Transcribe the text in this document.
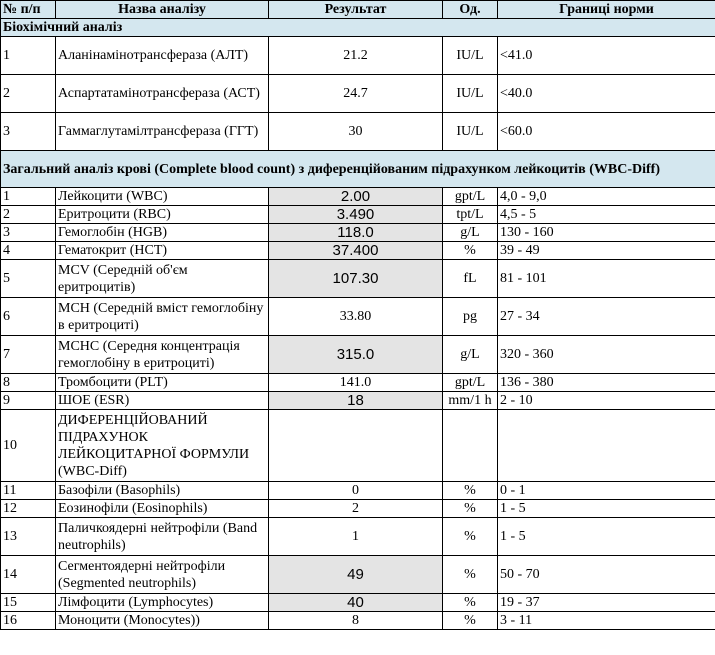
№ п/п	Назва аналізу	Результат	Од.	Границі норми
Біохімічний аналіз				
1	Аланінамінотрансфераза (АЛТ)	21.2	IU/L	<41.0
2	Аспартатамінотрансфераза (АСТ)	24.7	IU/L	<40.0
3	Гаммаглутамілтрансфераза (ГГТ)	30	IU/L	<60.0
Загальний аналіз крові (Complete blood count) з диференційованим підрахунком лейкоцитів (WBC-Diff)				
1	Лейкоцити (WBC)	2.00	gpt/L	4,0 - 9,0
2	Еритроцити (RBC)	3.490	tpt/L	4,5 - 5
3	Гемоглобін (HGB)	118.0	g/L	130 - 160
4	Гематокрит (HCT)	37.400	%	39 - 49
5	MCV (Середній об'єм еритроцитів)	107.30	fL	81 - 101
6	MCH (Середній вміст гемоглобіну в еритроциті)	33.80	pg	27 - 34
7	MCHC (Середня концентрація гемоглобіну в еритроциті)	315.0	g/L	320 - 360
8	Тромбоцити (PLT)	141.0	gpt/L	136 - 380
9	ШОЕ (ESR)	18	mm/1 h	2 - 10
10	ДИФЕРЕНЦІЙОВАНИЙ ПІДРАХУНОК ЛЕЙКОЦИТАРНОЇ ФОРМУЛИ (WBC-Diff)			
11	Базофіли (Basophils)	0	%	0 - 1
12	Еозинофіли (Eosinophils)	2	%	1 - 5
13	Паличкоядерні нейтрофіли (Band neutrophils)	1	%	1 - 5
14	Сегментоядерні нейтрофіли (Segmented neutrophils)	49	%	50 - 70
15	Лімфоцити (Lymphocytes)	40	%	19 - 37
16	Моноцити (Monocytes))	8	%	3 - 11
